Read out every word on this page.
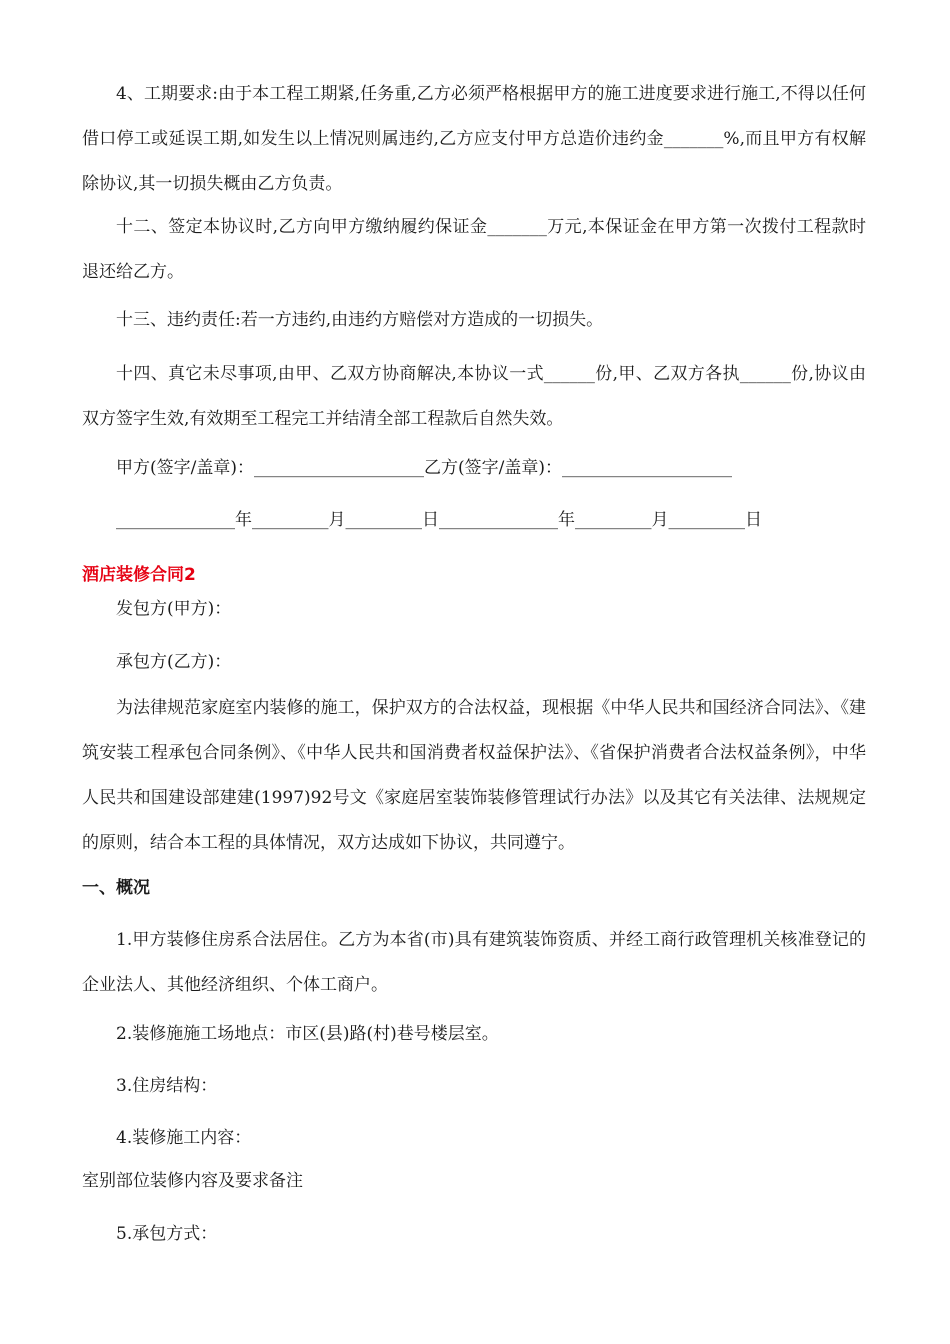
4、工期要求:由于本工程工期紧,任务重,乙方必须严格根据甲方的施工进度要求进行施工,不得以任何借口停工或延误工期,如发生以上情况则属违约,乙方应支付甲方总造价违约金_______%,而且甲方有权解除协议,其一切损失概由乙方负责。

十二、签定本协议时,乙方向甲方缴纳履约保证金_______万元,本保证金在甲方第一次拨付工程款时退还给乙方。

十三、违约责任:若一方违约,由违约方赔偿对方造成的一切损失。

十四、真它未尽事项,由甲、乙双方协商解决,本协议一式______份,甲、乙双方各执______份,协议由双方签字生效,有效期至工程完工并结清全部工程款后自然失效。

甲方(签字/盖章)：____________________乙方(签字/盖章)：____________________
______________年_________月_________日______________年_________月_________日
酒店装修合同2
发包方(甲方)：
承包方(乙方)：

为法律规范家庭室内装修的施工，保护双方的合法权益，现根据《中华人民共和国经济合同法》、《建筑安装工程承包合同条例》、《中华人民共和国消费者权益保护法》、《省保护消费者合法权益条例》，中华人民共和国建设部建建(1997)92号文《家庭居室装饰装修管理试行办法》以及其它有关法律、法规规定的原则，结合本工程的具体情况，双方达成如下协议，共同遵宁。

一、概况

1.甲方装修住房系合法居住。乙方为本省(市)具有建筑装饰资质、并经工商行政管理机关核准登记的企业法人、其他经济组织、个体工商户。

2.装修施施工场地点：市区(县)路(村)巷号楼层室。
3.住房结构：
4.装修施工内容：
室别部位装修内容及要求备注
5.承包方式：
